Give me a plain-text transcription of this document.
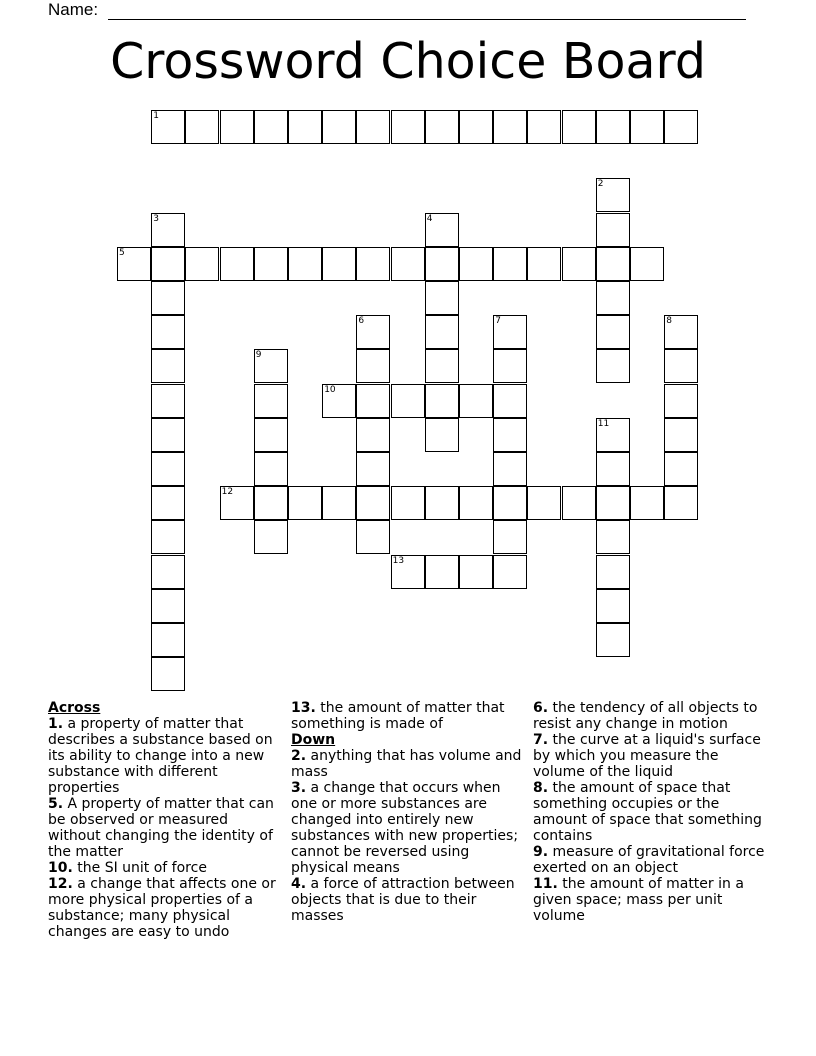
Name:
Crossword Choice Board
1
2
3	4
5
6	7	8
9
10
11
12
13
Across
1. a property of matter that describes a substance based on its ability to change into a new substance with different properties
5. A property of matter that can be observed or measured without changing the identity of the matter
10. the SI unit of force
12. a change that affects one or more physical properties of a substance; many physical changes are easy to undo
13. the amount of matter that something is made of
Down
2. anything that has volume and mass
3. a change that occurs when one or more substances are changed into entirely new substances with new properties; cannot be reversed using physical means
4. a force of attraction between objects that is due to their masses
6. the tendency of all objects to resist any change in motion
7. the curve at a liquid's surface by which you measure the volume of the liquid
8. the amount of space that something occupies or the amount of space that something contains
9. measure of gravitational force exerted on an object
11. the amount of matter in a given space; mass per unit volume
